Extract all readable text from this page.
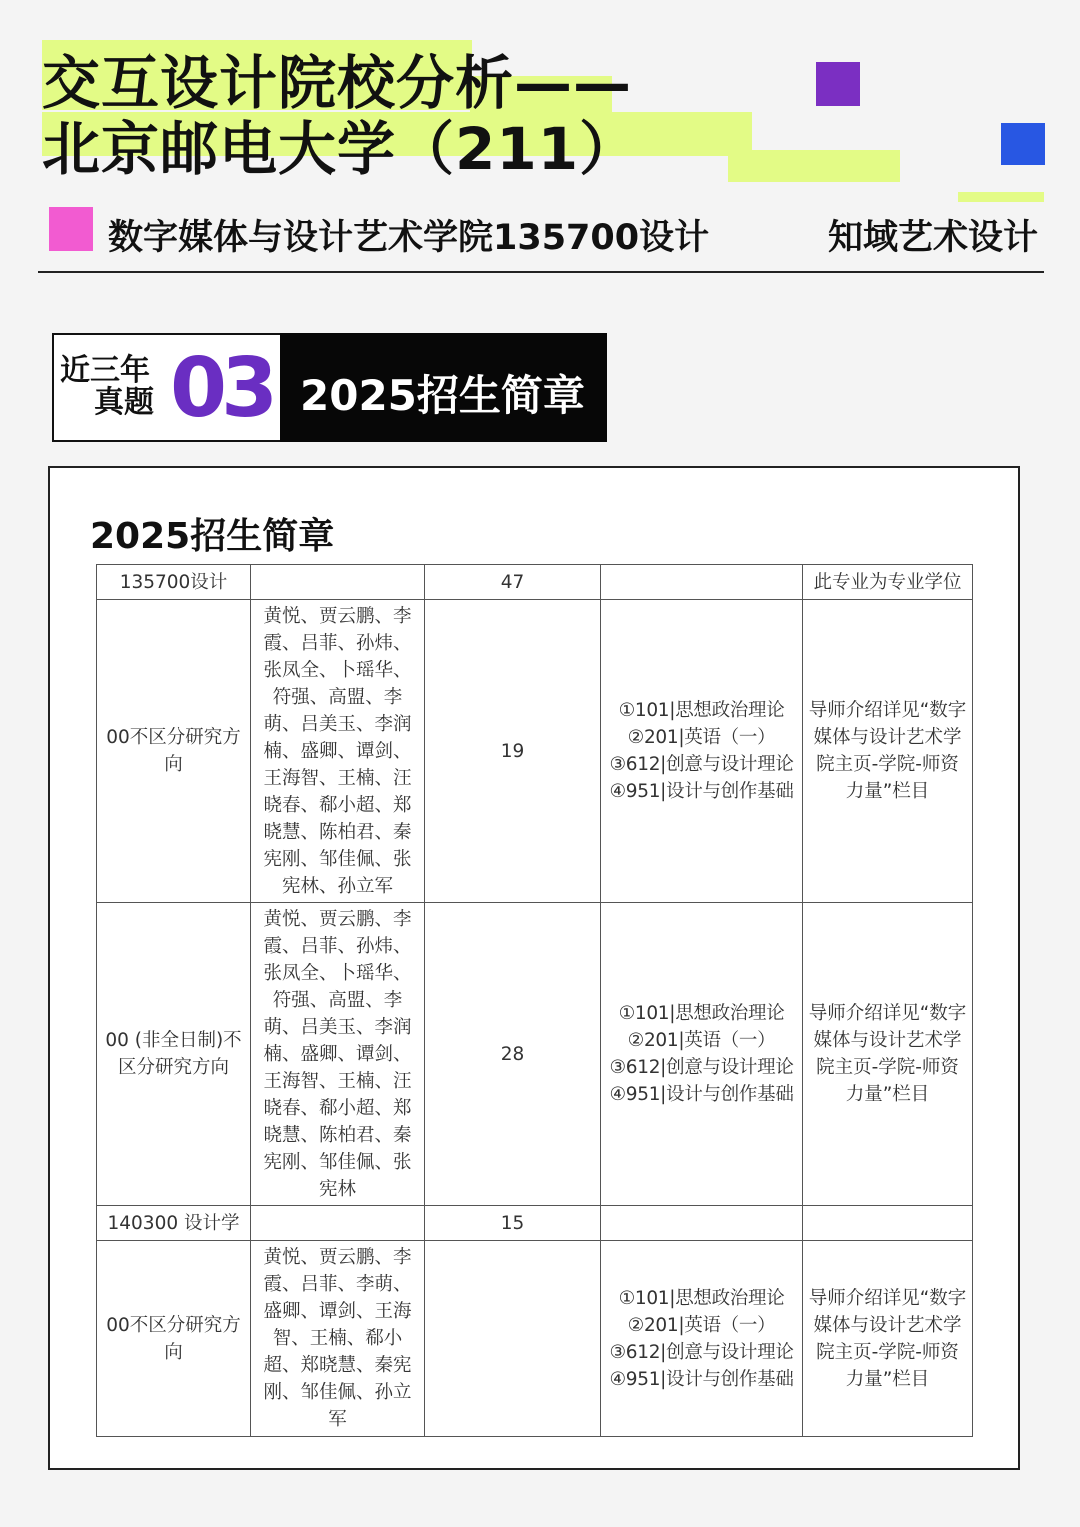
交互设计院校分析——
北京邮电大学（211）
数字媒体与设计艺术学院135700设计	知域艺术设计
近三年
真题 03 2025招生简章
2025招生简章
135700设计		47		此专业为专业学位
00不区分研究方向	黄悦、贾云鹏、李霞、吕菲、孙炜、张凤全、卜瑶华、符强、高盟、李萌、吕美玉、李润楠、盛卿、谭剑、王海智、王楠、汪晓春、郗小超、郑晓慧、陈柏君、秦宪刚、邹佳佩、张宪林、孙立军	19	①101|思想政治理论
②201|英语（一）
③612|创意与设计理论
④951|设计与创作基础	导师介绍详见“数字媒体与设计艺术学院主页-学院-师资力量”栏目
00 (非全日制)不区分研究方向	黄悦、贾云鹏、李霞、吕菲、孙炜、张凤全、卜瑶华、符强、高盟、李萌、吕美玉、李润楠、盛卿、谭剑、王海智、王楠、汪晓春、郗小超、郑晓慧、陈柏君、秦宪刚、邹佳佩、张宪林	28	①101|思想政治理论
②201|英语（一）
③612|创意与设计理论
④951|设计与创作基础	导师介绍详见“数字媒体与设计艺术学院主页-学院-师资力量”栏目
140300 设计学		15		
00不区分研究方向	黄悦、贾云鹏、李霞、吕菲、李萌、盛卿、谭剑、王海智、王楠、郗小超、郑晓慧、秦宪刚、邹佳佩、孙立军		①101|思想政治理论
②201|英语（一）
③612|创意与设计理论
④951|设计与创作基础	导师介绍详见“数字媒体与设计艺术学院主页-学院-师资力量”栏目
